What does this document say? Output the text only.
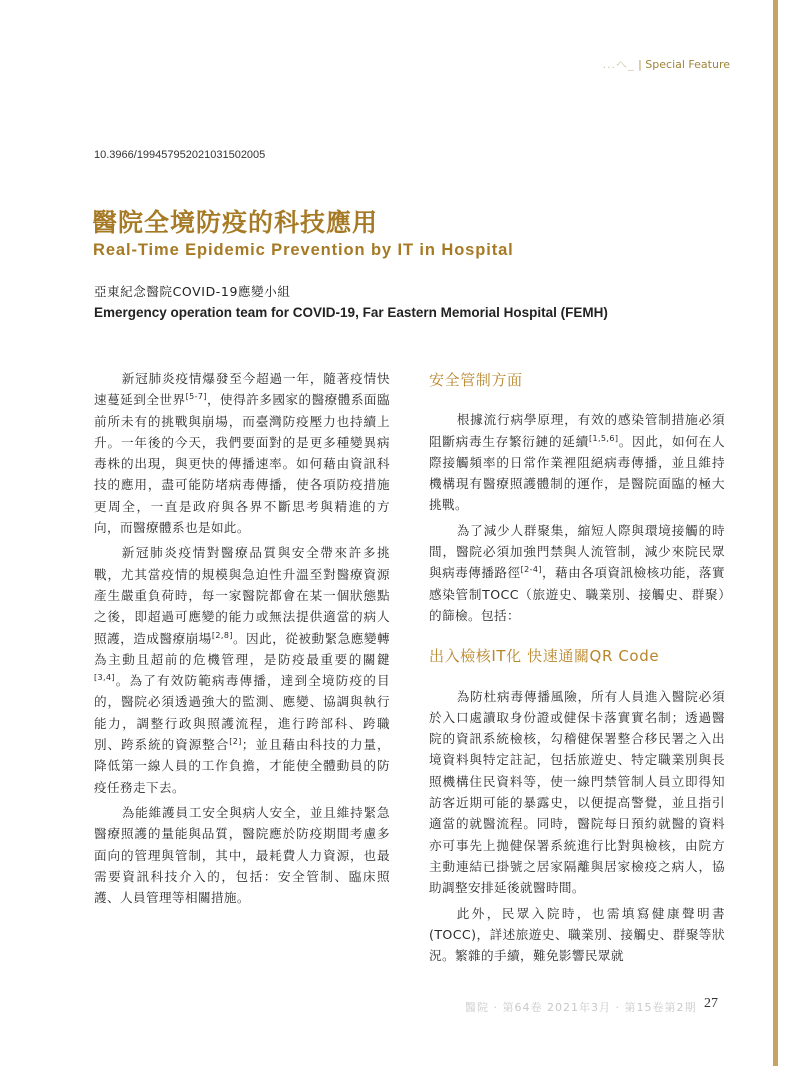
...へ_ | Special Feature
10.3966/199457952021031502005
醫院全境防疫的科技應用
Real-Time Epidemic Prevention by IT in Hospital
亞東紀念醫院COVID-19應變小組
Emergency operation team for COVID-19, Far Eastern Memorial Hospital (FEMH)

新冠肺炎疫情爆發至今超過一年，隨著疫情快速蔓延到全世界[5-7]，使得許多國家的醫療體系面臨前所未有的挑戰與崩場，而臺灣防疫壓力也持續上升。一年後的今天，我們要面對的是更多種變異病毒株的出現，與更快的傳播速率。如何藉由資訊科技的應用，盡可能防堵病毒傳播，使各項防疫措施更周全，一直是政府與各界不斷思考與精進的方向，而醫療體系也是如此。

新冠肺炎疫情對醫療品質與安全帶來許多挑戰，尤其當疫情的規模與急迫性升溫至對醫療資源產生嚴重負荷時，每一家醫院都會在某一個狀態點之後，即超過可應變的能力或無法提供適當的病人照護，造成醫療崩場[2,8]。因此，從被動緊急應變轉為主動且超前的危機管理，是防疫最重要的關鍵[3,4]。為了有效防範病毒傳播，達到全境防疫的目的，醫院必須透過強大的監測、應變、協調與執行能力，調整行政與照護流程，進行跨部科、跨職別、跨系統的資源整合[2]；並且藉由科技的力量，降低第一線人員的工作負擔，才能使全體動員的防疫任務走下去。

為能維護員工安全與病人安全，並且維持緊急醫療照護的量能與品質，醫院應於防疫期間考慮多面向的管理與管制，其中，最耗費人力資源，也最需要資訊科技介入的，包括：安全管制、臨床照護、人員管理等相關措施。

安全管制方面

根據流行病學原理，有效的感染管制措施必須阻斷病毒生存繁衍鏈的延續[1,5,6]。因此，如何在人際接觸頻率的日常作業裡阻絕病毒傳播，並且維持機構現有醫療照護體制的運作，是醫院面臨的極大挑戰。

為了減少人群聚集，縮短人際與環境接觸的時間，醫院必須加強門禁與人流管制，減少來院民眾與病毒傳播路徑[2-4]，藉由各項資訊檢核功能，落實感染管制TOCC（旅遊史、職業別、接觸史、群聚）的篩檢。包括：

出入檢核IT化 快速通關QR Code

為防杜病毒傳播風險，所有人員進入醫院必須於入口處讀取身份證或健保卡落實實名制；透過醫院的資訊系統檢核，勾稽健保署整合移民署之入出境資料與特定註記，包括旅遊史、特定職業別與長照機構住民資料等，使一線門禁管制人員立即得知訪客近期可能的暴露史，以便提高警覺，並且指引適當的就醫流程。同時，醫院每日預約就醫的資料亦可事先上拋健保署系統進行比對與檢核，由院方主動連結已掛號之居家隔離與居家檢疫之病人，協助調整安排延後就醫時間。

此外，民眾入院時，也需填寫健康聲明書(TOCC)，詳述旅遊史、職業別、接觸史、群聚等狀況。繁雜的手續，難免影響民眾就

醫院 · 第64卷 2021年3月 · 第15卷第2期 27
